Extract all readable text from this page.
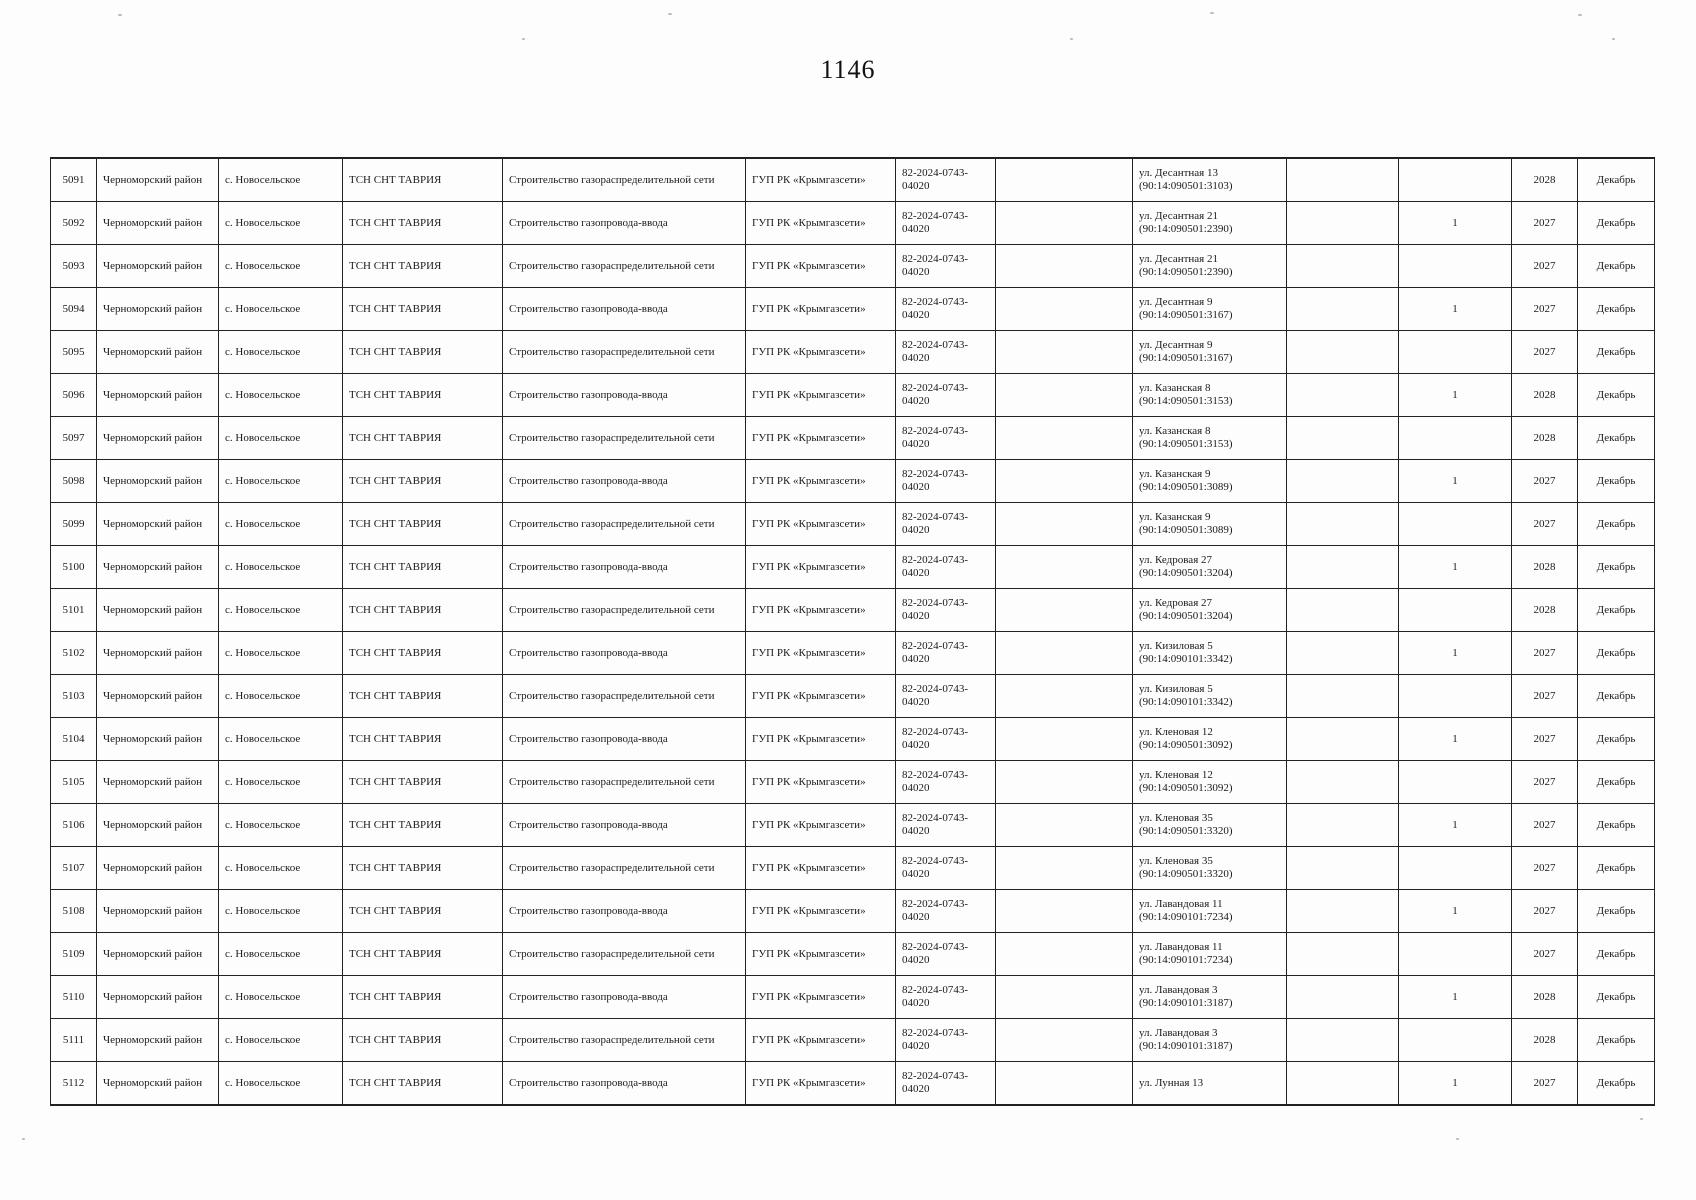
1146
5091	Черноморский район	с. Новосельское	ТСН СНТ ТАВРИЯ	Строительство газораспределительной сети	ГУП РК «Крымгазсети»	82-2024-0743-04020		ул. Десантная 13 (90:14:090501:3103)			2028	Декабрь
5092	Черноморский район	с. Новосельское	ТСН СНТ ТАВРИЯ	Строительство газопровода-ввода	ГУП РК «Крымгазсети»	82-2024-0743-04020		ул. Десантная 21 (90:14:090501:2390)		1	2027	Декабрь
5093	Черноморский район	с. Новосельское	ТСН СНТ ТАВРИЯ	Строительство газораспределительной сети	ГУП РК «Крымгазсети»	82-2024-0743-04020		ул. Десантная 21 (90:14:090501:2390)			2027	Декабрь
5094	Черноморский район	с. Новосельское	ТСН СНТ ТАВРИЯ	Строительство газопровода-ввода	ГУП РК «Крымгазсети»	82-2024-0743-04020		ул. Десантная 9 (90:14:090501:3167)		1	2027	Декабрь
5095	Черноморский район	с. Новосельское	ТСН СНТ ТАВРИЯ	Строительство газораспределительной сети	ГУП РК «Крымгазсети»	82-2024-0743-04020		ул. Десантная 9 (90:14:090501:3167)			2027	Декабрь
5096	Черноморский район	с. Новосельское	ТСН СНТ ТАВРИЯ	Строительство газопровода-ввода	ГУП РК «Крымгазсети»	82-2024-0743-04020		ул. Казанская 8 (90:14:090501:3153)		1	2028	Декабрь
5097	Черноморский район	с. Новосельское	ТСН СНТ ТАВРИЯ	Строительство газораспределительной сети	ГУП РК «Крымгазсети»	82-2024-0743-04020		ул. Казанская 8 (90:14:090501:3153)			2028	Декабрь
5098	Черноморский район	с. Новосельское	ТСН СНТ ТАВРИЯ	Строительство газопровода-ввода	ГУП РК «Крымгазсети»	82-2024-0743-04020		ул. Казанская 9 (90:14:090501:3089)		1	2027	Декабрь
5099	Черноморский район	с. Новосельское	ТСН СНТ ТАВРИЯ	Строительство газораспределительной сети	ГУП РК «Крымгазсети»	82-2024-0743-04020		ул. Казанская 9 (90:14:090501:3089)			2027	Декабрь
5100	Черноморский район	с. Новосельское	ТСН СНТ ТАВРИЯ	Строительство газопровода-ввода	ГУП РК «Крымгазсети»	82-2024-0743-04020		ул. Кедровая 27 (90:14:090501:3204)		1	2028	Декабрь
5101	Черноморский район	с. Новосельское	ТСН СНТ ТАВРИЯ	Строительство газораспределительной сети	ГУП РК «Крымгазсети»	82-2024-0743-04020		ул. Кедровая 27 (90:14:090501:3204)			2028	Декабрь
5102	Черноморский район	с. Новосельское	ТСН СНТ ТАВРИЯ	Строительство газопровода-ввода	ГУП РК «Крымгазсети»	82-2024-0743-04020		ул. Кизиловая 5 (90:14:090101:3342)		1	2027	Декабрь
5103	Черноморский район	с. Новосельское	ТСН СНТ ТАВРИЯ	Строительство газораспределительной сети	ГУП РК «Крымгазсети»	82-2024-0743-04020		ул. Кизиловая 5 (90:14:090101:3342)			2027	Декабрь
5104	Черноморский район	с. Новосельское	ТСН СНТ ТАВРИЯ	Строительство газопровода-ввода	ГУП РК «Крымгазсети»	82-2024-0743-04020		ул. Кленовая 12 (90:14:090501:3092)		1	2027	Декабрь
5105	Черноморский район	с. Новосельское	ТСН СНТ ТАВРИЯ	Строительство газораспределительной сети	ГУП РК «Крымгазсети»	82-2024-0743-04020		ул. Кленовая 12 (90:14:090501:3092)			2027	Декабрь
5106	Черноморский район	с. Новосельское	ТСН СНТ ТАВРИЯ	Строительство газопровода-ввода	ГУП РК «Крымгазсети»	82-2024-0743-04020		ул. Кленовая 35 (90:14:090501:3320)		1	2027	Декабрь
5107	Черноморский район	с. Новосельское	ТСН СНТ ТАВРИЯ	Строительство газораспределительной сети	ГУП РК «Крымгазсети»	82-2024-0743-04020		ул. Кленовая 35 (90:14:090501:3320)			2027	Декабрь
5108	Черноморский район	с. Новосельское	ТСН СНТ ТАВРИЯ	Строительство газопровода-ввода	ГУП РК «Крымгазсети»	82-2024-0743-04020		ул. Лавандовая 11 (90:14:090101:7234)		1	2027	Декабрь
5109	Черноморский район	с. Новосельское	ТСН СНТ ТАВРИЯ	Строительство газораспределительной сети	ГУП РК «Крымгазсети»	82-2024-0743-04020		ул. Лавандовая 11 (90:14:090101:7234)			2027	Декабрь
5110	Черноморский район	с. Новосельское	ТСН СНТ ТАВРИЯ	Строительство газопровода-ввода	ГУП РК «Крымгазсети»	82-2024-0743-04020		ул. Лавандовая 3 (90:14:090101:3187)		1	2028	Декабрь
5111	Черноморский район	с. Новосельское	ТСН СНТ ТАВРИЯ	Строительство газораспределительной сети	ГУП РК «Крымгазсети»	82-2024-0743-04020		ул. Лавандовая 3 (90:14:090101:3187)			2028	Декабрь
5112	Черноморский район	с. Новосельское	ТСН СНТ ТАВРИЯ	Строительство газопровода-ввода	ГУП РК «Крымгазсети»	82-2024-0743-04020		ул. Лунная 13		1	2027	Декабрь
